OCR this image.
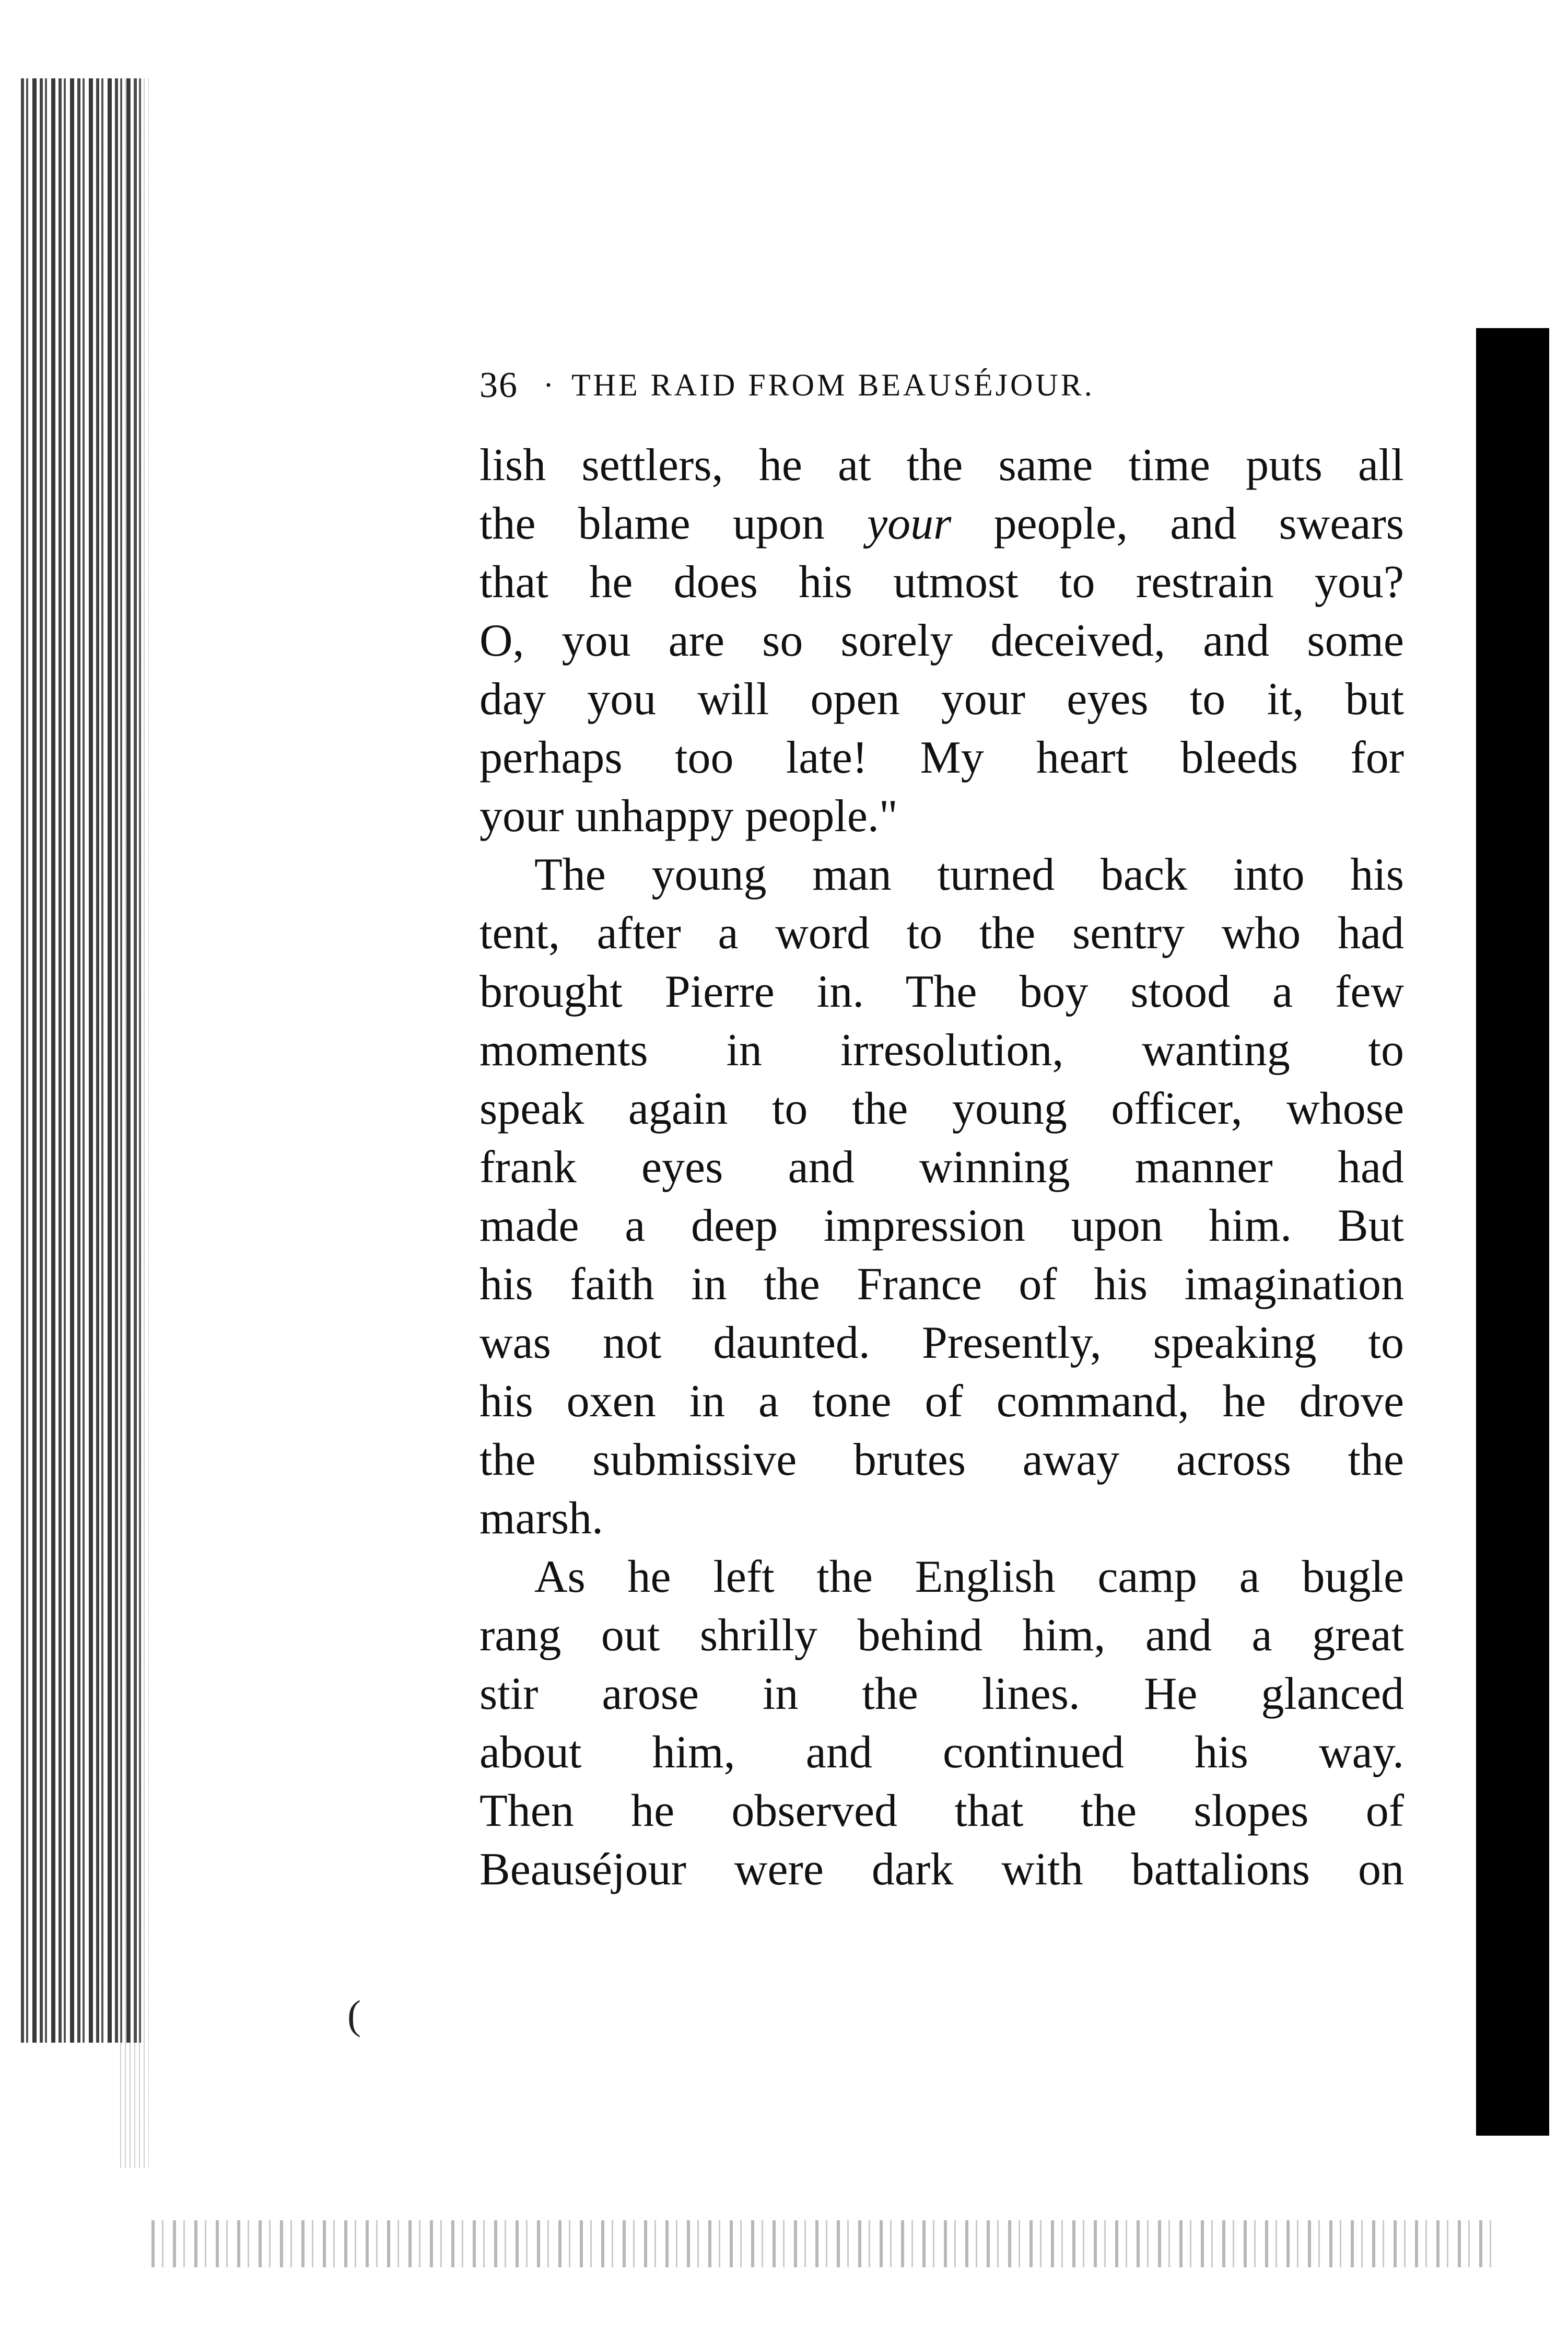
36 · THE RAID FROM BEAUSÉJOUR.
lish settlers, he at the same time puts all
the blame upon your people, and swears
that he does his utmost to restrain you?
O, you are so sorely deceived, and some
day you will open your eyes to it, but
perhaps too late! My heart bleeds for
your unhappy people."
The young man turned back into his
tent, after a word to the sentry who had
brought Pierre in. The boy stood a few
moments in irresolution, wanting to
speak again to the young officer, whose
frank eyes and winning manner had
made a deep impression upon him. But
his faith in the France of his imagination
was not daunted. Presently, speaking to
his oxen in a tone of command, he drove
the submissive brutes away across the
marsh.
As he left the English camp a bugle
rang out shrilly behind him, and a great
stir arose in the lines. He glanced
about him, and continued his way.
Then he observed that the slopes of
Beauséjour were dark with battalions on
(
